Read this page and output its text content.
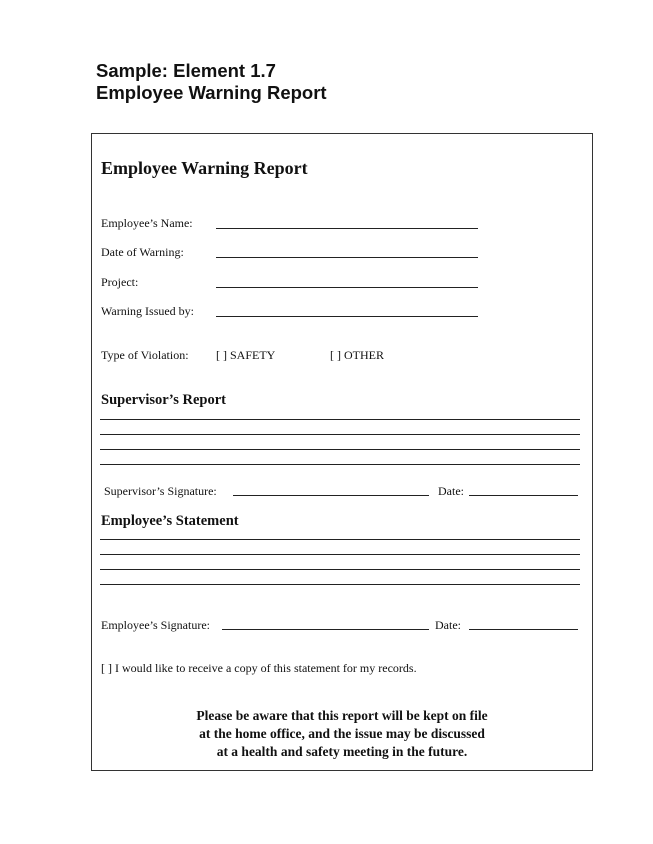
Sample: Element 1.7
Employee Warning Report
Employee Warning Report
Employee’s Name:
Date of Warning:
Project:
Warning Issued by:
Type of Violation: [ ] SAFETY	[ ] OTHER
Supervisor’s Report
Supervisor’s Signature:	Date:
Employee’s Statement
Employee’s Signature:	Date:
[ ] I would like to receive a copy of this statement for my records.
Please be aware that this report will be kept on file
at the home office, and the issue may be discussed
at a health and safety meeting in the future.
